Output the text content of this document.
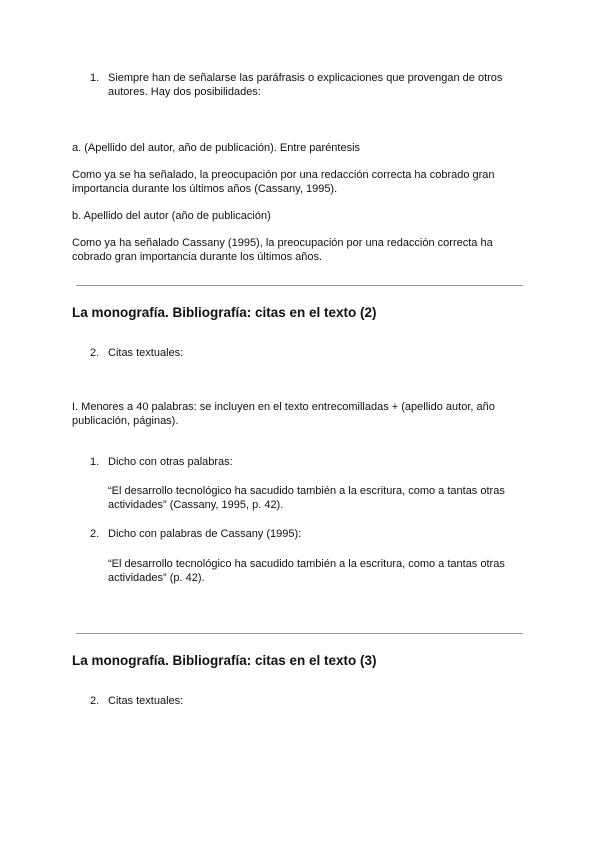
1. Siempre han de señalarse las paráfrasis o explicaciones que provengan de otros autores. Hay dos posibilidades:

a. (Apellido del autor, año de publicación). Entre paréntesis

Como ya se ha señalado, la preocupación por una redacción correcta ha cobrado gran importancia durante los últimos años (Cassany, 1995).

b. Apellido del autor (año de publicación)

Como ya ha señalado Cassany (1995), la preocupación por una redacción correcta ha cobrado gran importancia durante los últimos años.

La monografía. Bibliografía: citas en el texto (2)
2. Citas textuales:

I. Menores a 40 palabras: se incluyen en el texto entrecomilladas + (apellido autor, año publicación, páginas).

1. Dicho con otras palabras:

“El desarrollo tecnológico ha sacudido también a la escritura, como a tantas otras actividades” (Cassany, 1995, p. 42).

2. Dicho con palabras de Cassany (1995):

“El desarrollo tecnológico ha sacudido también a la escritura, como a tantas otras actividades” (p. 42).

La monografía. Bibliografía: citas en el texto (3)
2. Citas textuales:
